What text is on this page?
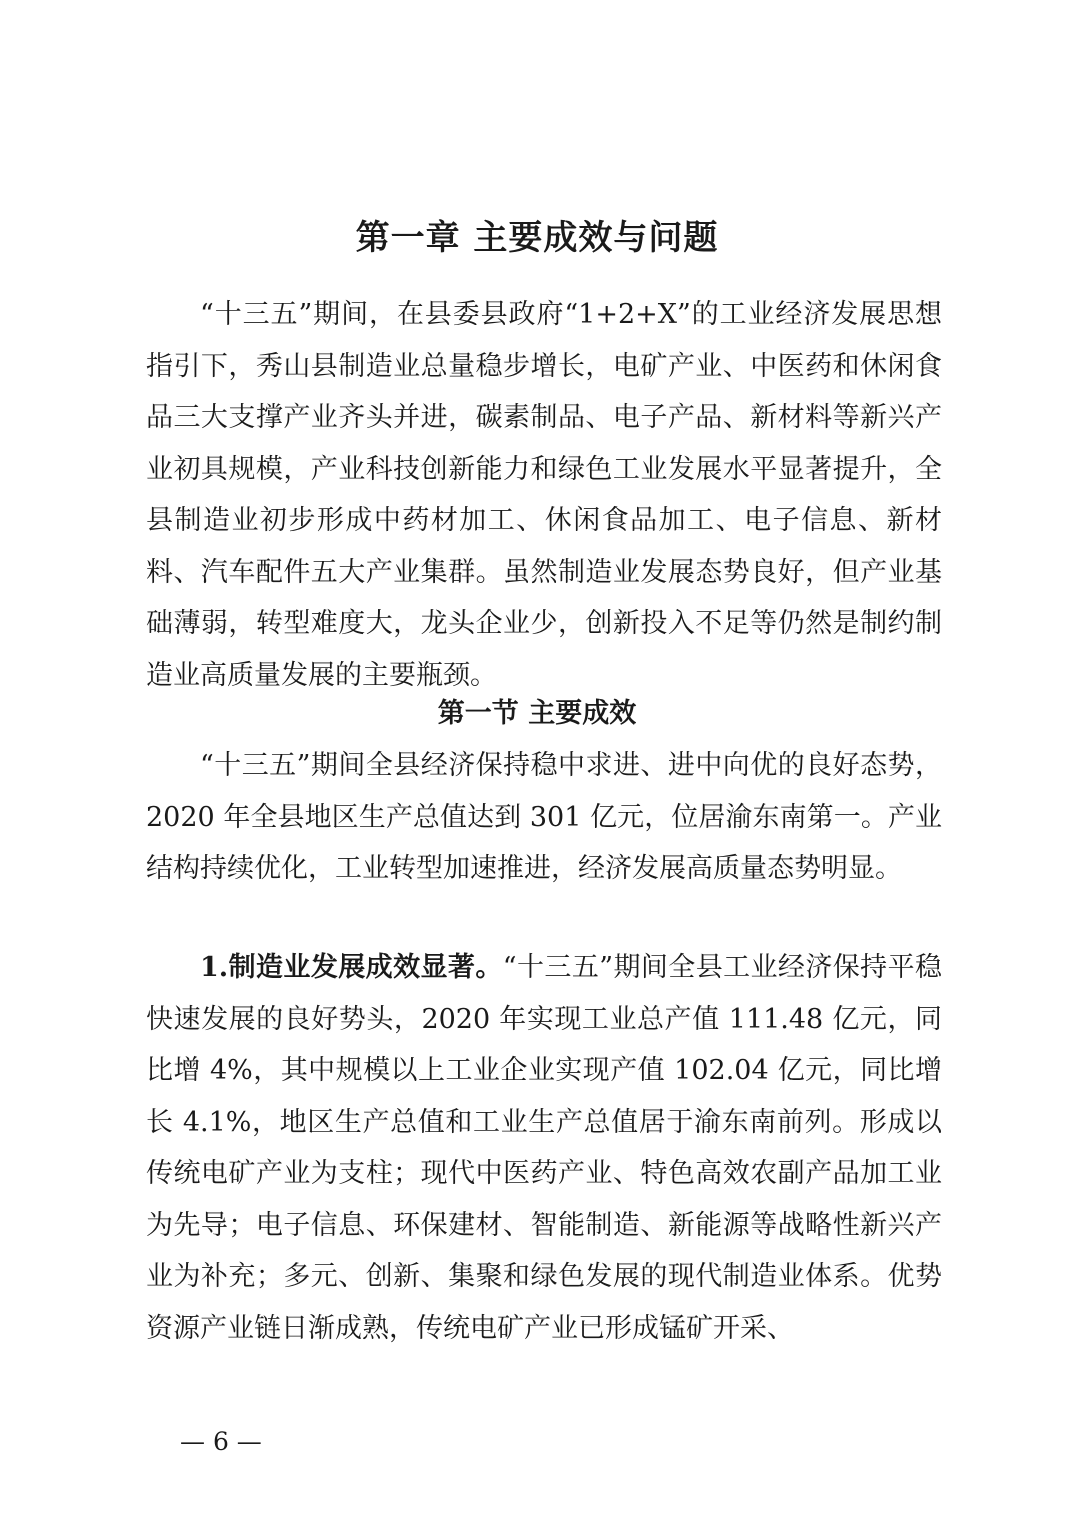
第一章 主要成效与问题

“十三五”期间，在县委县政府“1+2+X”的工业经济发展思想指引下，秀山县制造业总量稳步增长，电矿产业、中医药和休闲食品三大支撑产业齐头并进，碳素制品、电子产品、新材料等新兴产业初具规模，产业科技创新能力和绿色工业发展水平显著提升，全县制造业初步形成中药材加工、休闲食品加工、电子信息、新材料、汽车配件五大产业集群。虽然制造业发展态势良好，但产业基础薄弱，转型难度大，龙头企业少，创新投入不足等仍然是制约制造业高质量发展的主要瓶颈。

第一节 主要成效

“十三五”期间全县经济保持稳中求进、进中向优的良好态势，2020 年全县地区生产总值达到 301 亿元，位居渝东南第一。产业结构持续优化，工业转型加速推进，经济发展高质量态势明显。

1.制造业发展成效显著。“十三五”期间全县工业经济保持平稳快速发展的良好势头，2020 年实现工业总产值 111.48 亿元，同比增 4%，其中规模以上工业企业实现产值 102.04 亿元，同比增长 4.1%，地区生产总值和工业生产总值居于渝东南前列。形成以传统电矿产业为支柱；现代中医药产业、特色高效农副产品加工业为先导；电子信息、环保建材、智能制造、新能源等战略性新兴产业为补充；多元、创新、集聚和绿色发展的现代制造业体系。优势资源产业链日渐成熟，传统电矿产业已形成锰矿开采、

— 6 —
